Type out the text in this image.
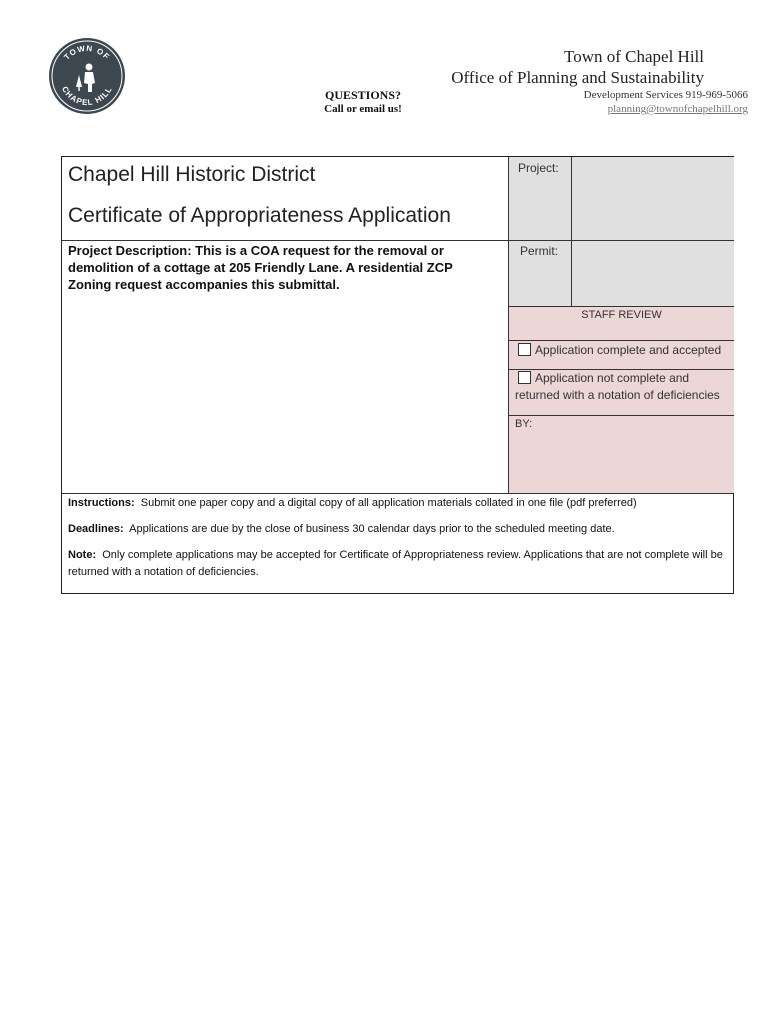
TOWN OF
CHAPEL HILL	QUESTIONS?
Call or email us!
Town of Chapel Hill
Office of Planning and Sustainability
Development Services 919-969-5066
planning@townofchapelhill.org
Chapel Hill Historic District
Certificate of Appropriateness Application
Project Description: This is a COA request for the removal or demolition of a cottage at 205 Friendly Lane. A residential ZCP Zoning request accompanies this submittal.
Project:
Permit:
STAFF REVIEW
Application complete and accepted
Application not complete and
returned with a notation of deficiencies
BY:

Instructions: Submit one paper copy and a digital copy of all application materials collated in one file (pdf preferred)

Deadlines: Applications are due by the close of business 30 calendar days prior to the scheduled meeting date.

Note: Only complete applications may be accepted for Certificate of Appropriateness review. Applications that are not complete will be returned with a notation of deficiencies.
